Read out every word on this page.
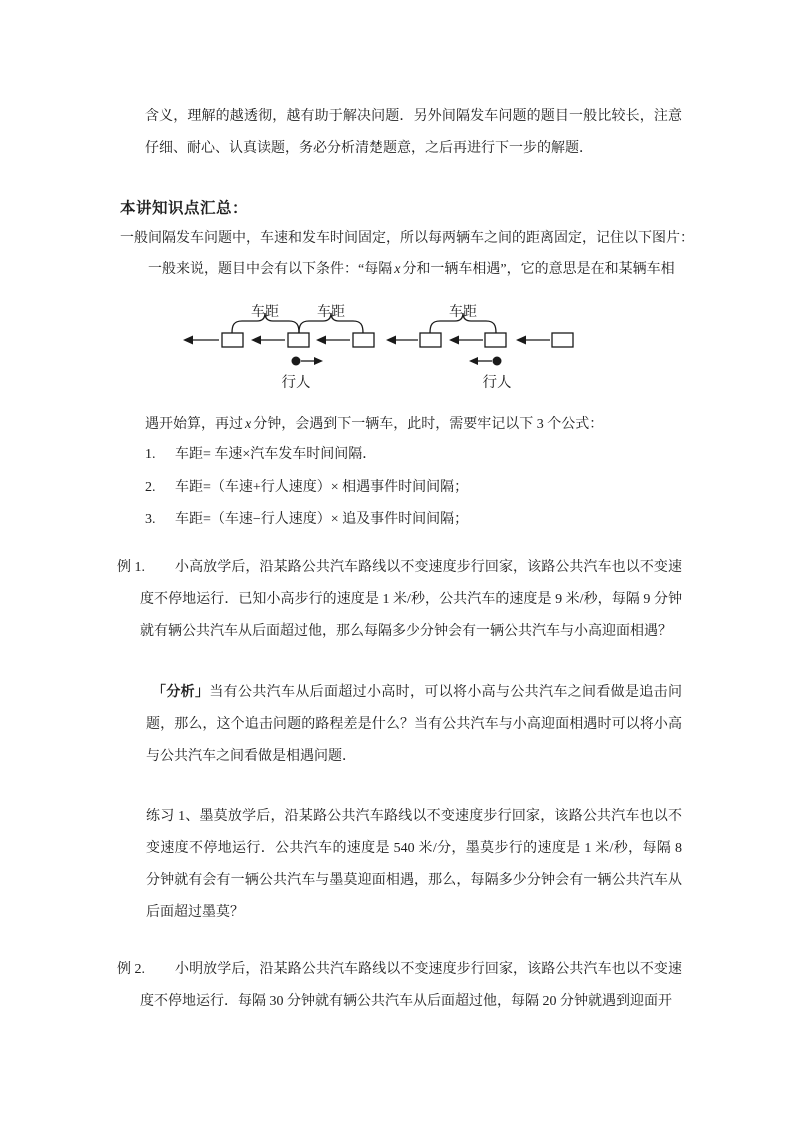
含义，理解的越透彻，越有助于解决问题．另外间隔发车问题的题目一般比较长，注意仔细、耐心、认真读题，务必分析清楚题意，之后再进行下一步的解题．
本讲知识点汇总：
一般间隔发车问题中，车速和发车时间固定，所以每两辆车之间的距离固定，记住以下图片：
一般来说，题目中会有以下条件：“每隔 x 分和一辆车相遇”，它的意思是在和某辆车相
车距	车距	车距
行人	行人
遇开始算，再过 x 分钟，会遇到下一辆车，此时，需要牢记以下 3 个公式：
1. 车距= 车速×汽车发车时间间隔．
2. 车距=（车速+行人速度）× 相遇事件时间间隔；
3. 车距=（车速−行人速度）× 追及事件时间间隔；
例 1.	小高放学后，沿某路公共汽车路线以不变速度步行回家，该路公共汽车也以不变速度不停地运行．已知小高步行的速度是 1 米/秒，公共汽车的速度是 9 米/秒，每隔 9 分钟就有辆公共汽车从后面超过他，那么每隔多少分钟会有一辆公共汽车与小高迎面相遇？
「分析」当有公共汽车从后面超过小高时，可以将小高与公共汽车之间看做是追击问题，那么，这个追击问题的路程差是什么？当有公共汽车与小高迎面相遇时可以将小高与公共汽车之间看做是相遇问题．
练习 1、墨莫放学后，沿某路公共汽车路线以不变速度步行回家，该路公共汽车也以不变速度不停地运行．公共汽车的速度是 540 米/分，墨莫步行的速度是 1 米/秒，每隔 8 分钟就有会有一辆公共汽车与墨莫迎面相遇，那么，每隔多少分钟会有一辆公共汽车从后面超过墨莫？
例 2.	小明放学后，沿某路公共汽车路线以不变速度步行回家，该路公共汽车也以不变速度不停地运行．每隔 30 分钟就有辆公共汽车从后面超过他，每隔 20 分钟就遇到迎面开
